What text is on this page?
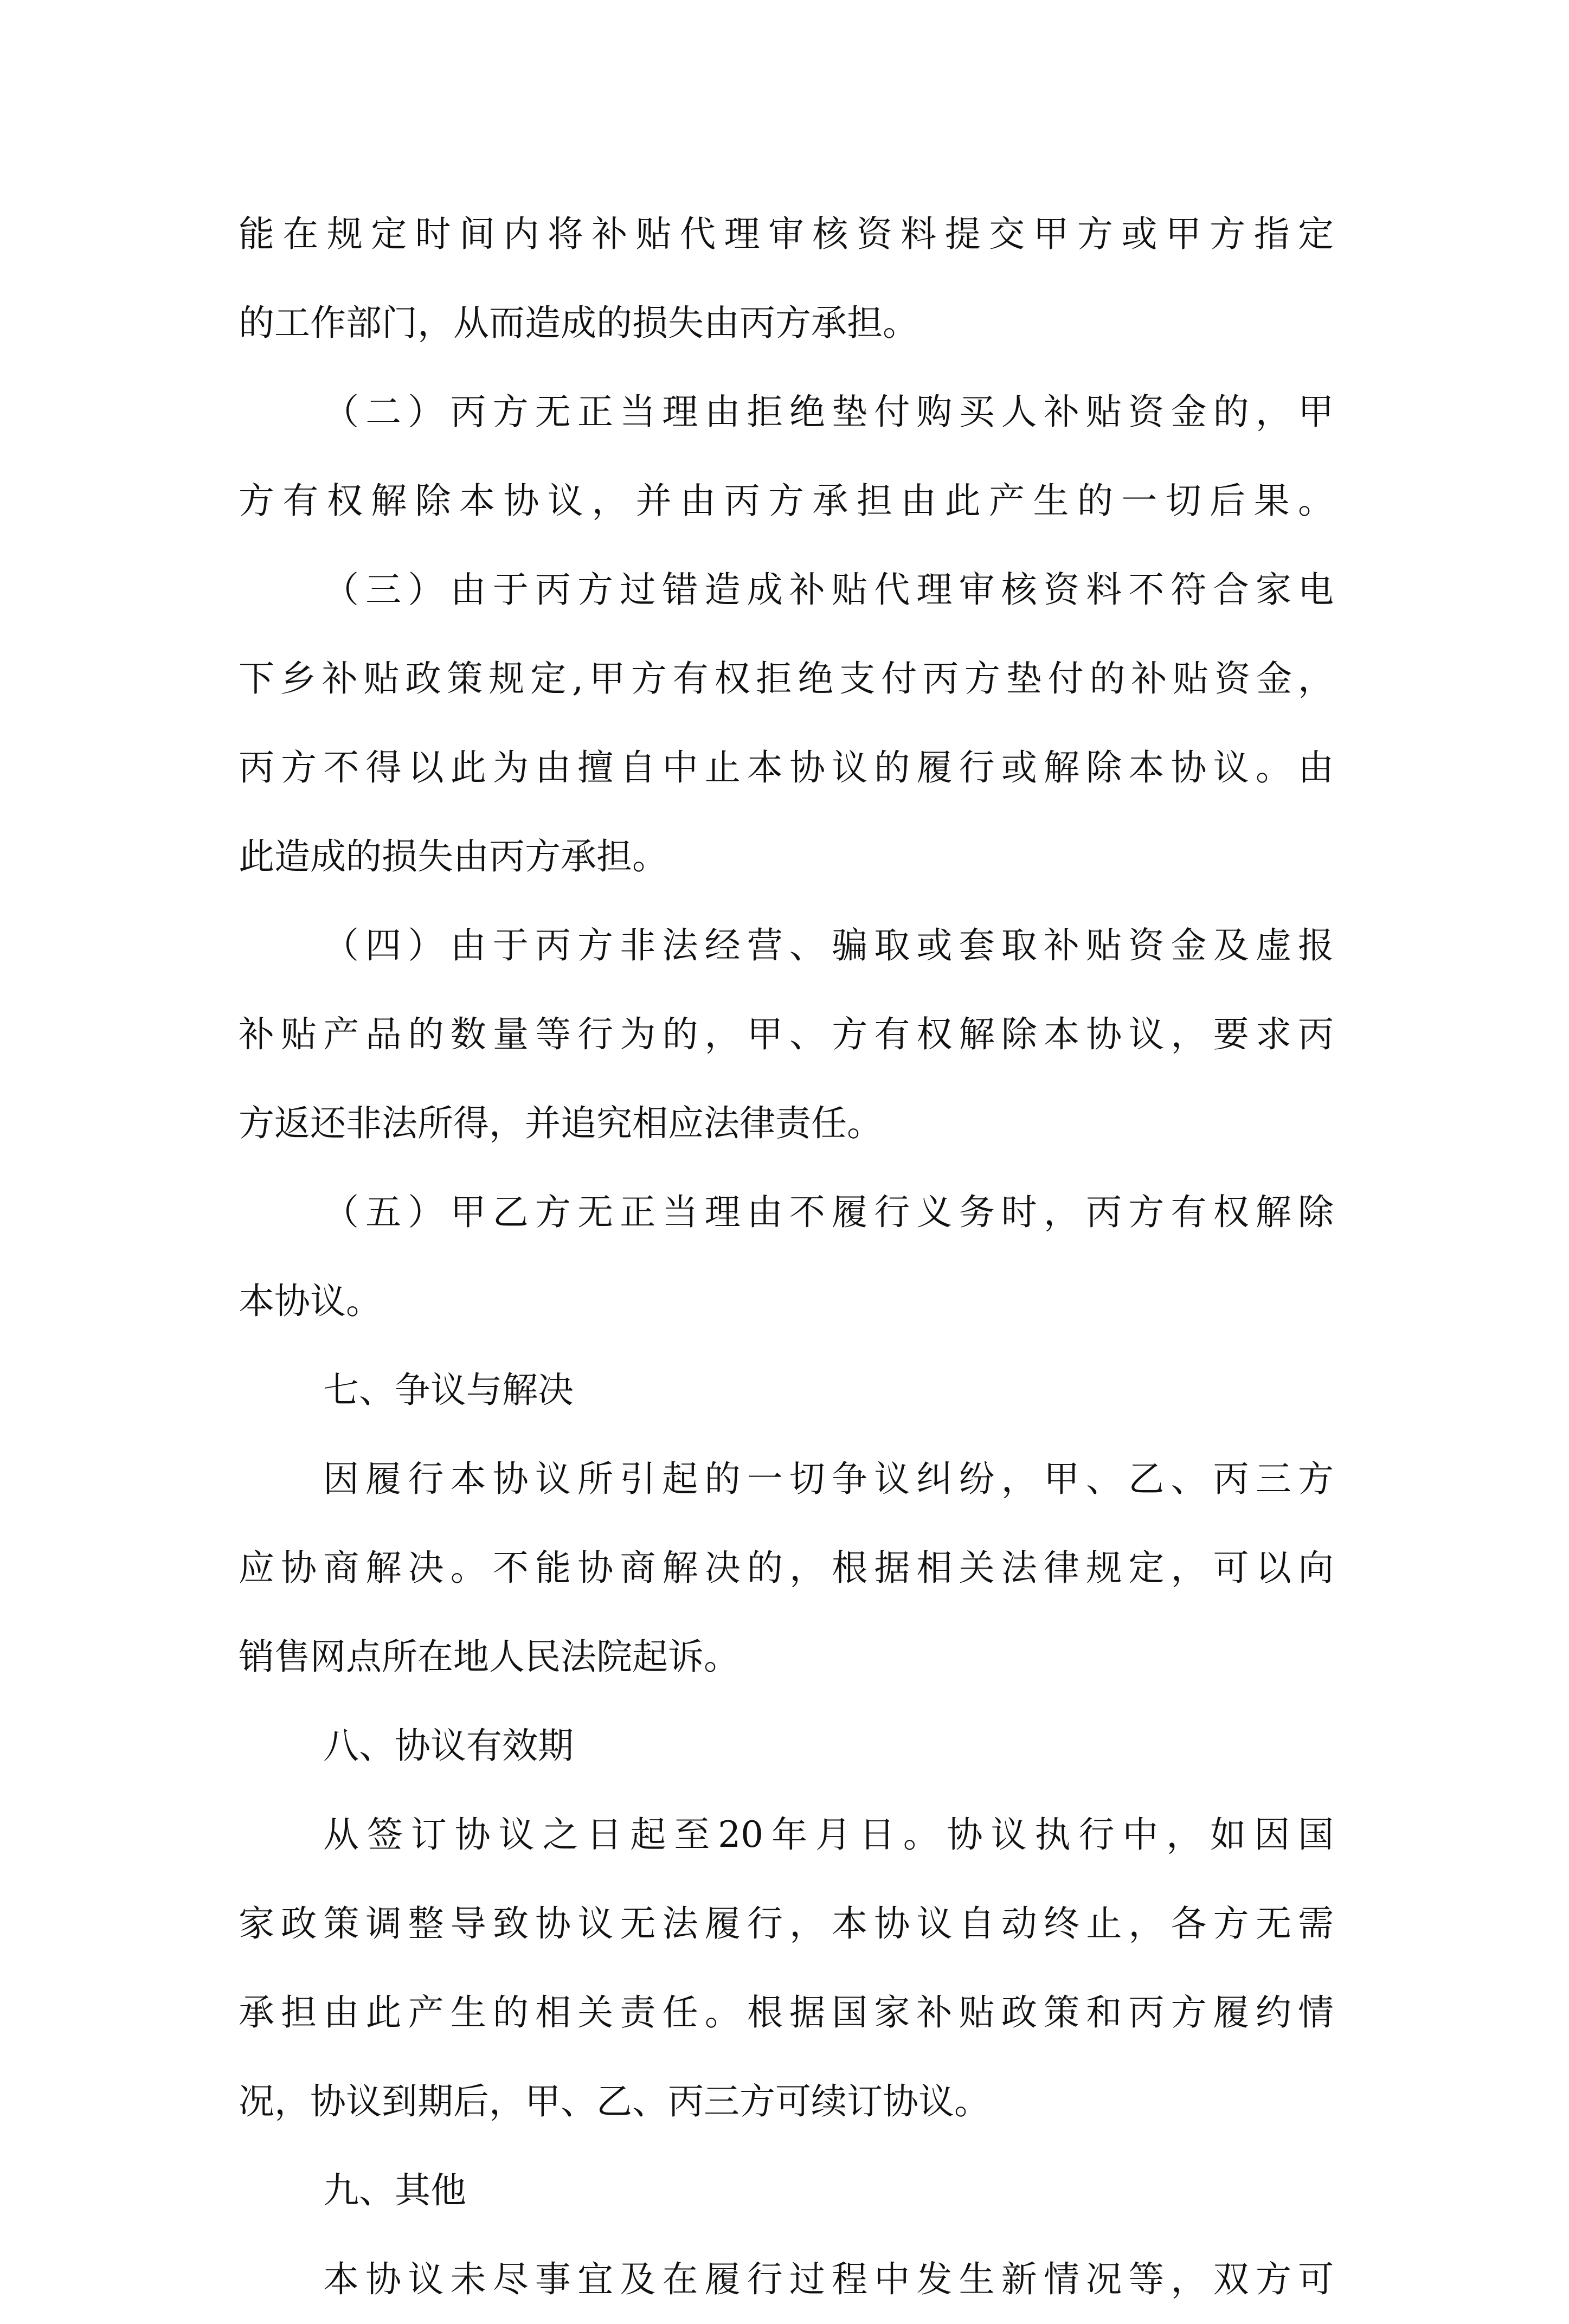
能在规定时间内将补贴代理审核资料提交甲方或甲方指定
的工作部门，从而造成的损失由丙方承担。
（二）丙方无正当理由拒绝垫付购买人补贴资金的，甲
方有权解除本协议，并由丙方承担由此产生的一切后果。
（三）由于丙方过错造成补贴代理审核资料不符合家电
下乡补贴政策规定,甲方有权拒绝支付丙方垫付的补贴资金，
丙方不得以此为由擅自中止本协议的履行或解除本协议。由
此造成的损失由丙方承担。
（四）由于丙方非法经营、骗取或套取补贴资金及虚报
补贴产品的数量等行为的，甲、方有权解除本协议，要求丙
方返还非法所得，并追究相应法律责任。
（五）甲乙方无正当理由不履行义务时，丙方有权解除
本协议。
七、争议与解决
因履行本协议所引起的一切争议纠纷，甲、乙、丙三方
应协商解决。不能协商解决的，根据相关法律规定，可以向
销售网点所在地人民法院起诉。
八、协议有效期
从签订协议之日起至20年月日。协议执行中，如因国
家政策调整导致协议无法履行，本协议自动终止，各方无需
承担由此产生的相关责任。根据国家补贴政策和丙方履约情
况，协议到期后，甲、乙、丙三方可续订协议。
九、其他
本协议未尽事宜及在履行过程中发生新情况等，双方可
